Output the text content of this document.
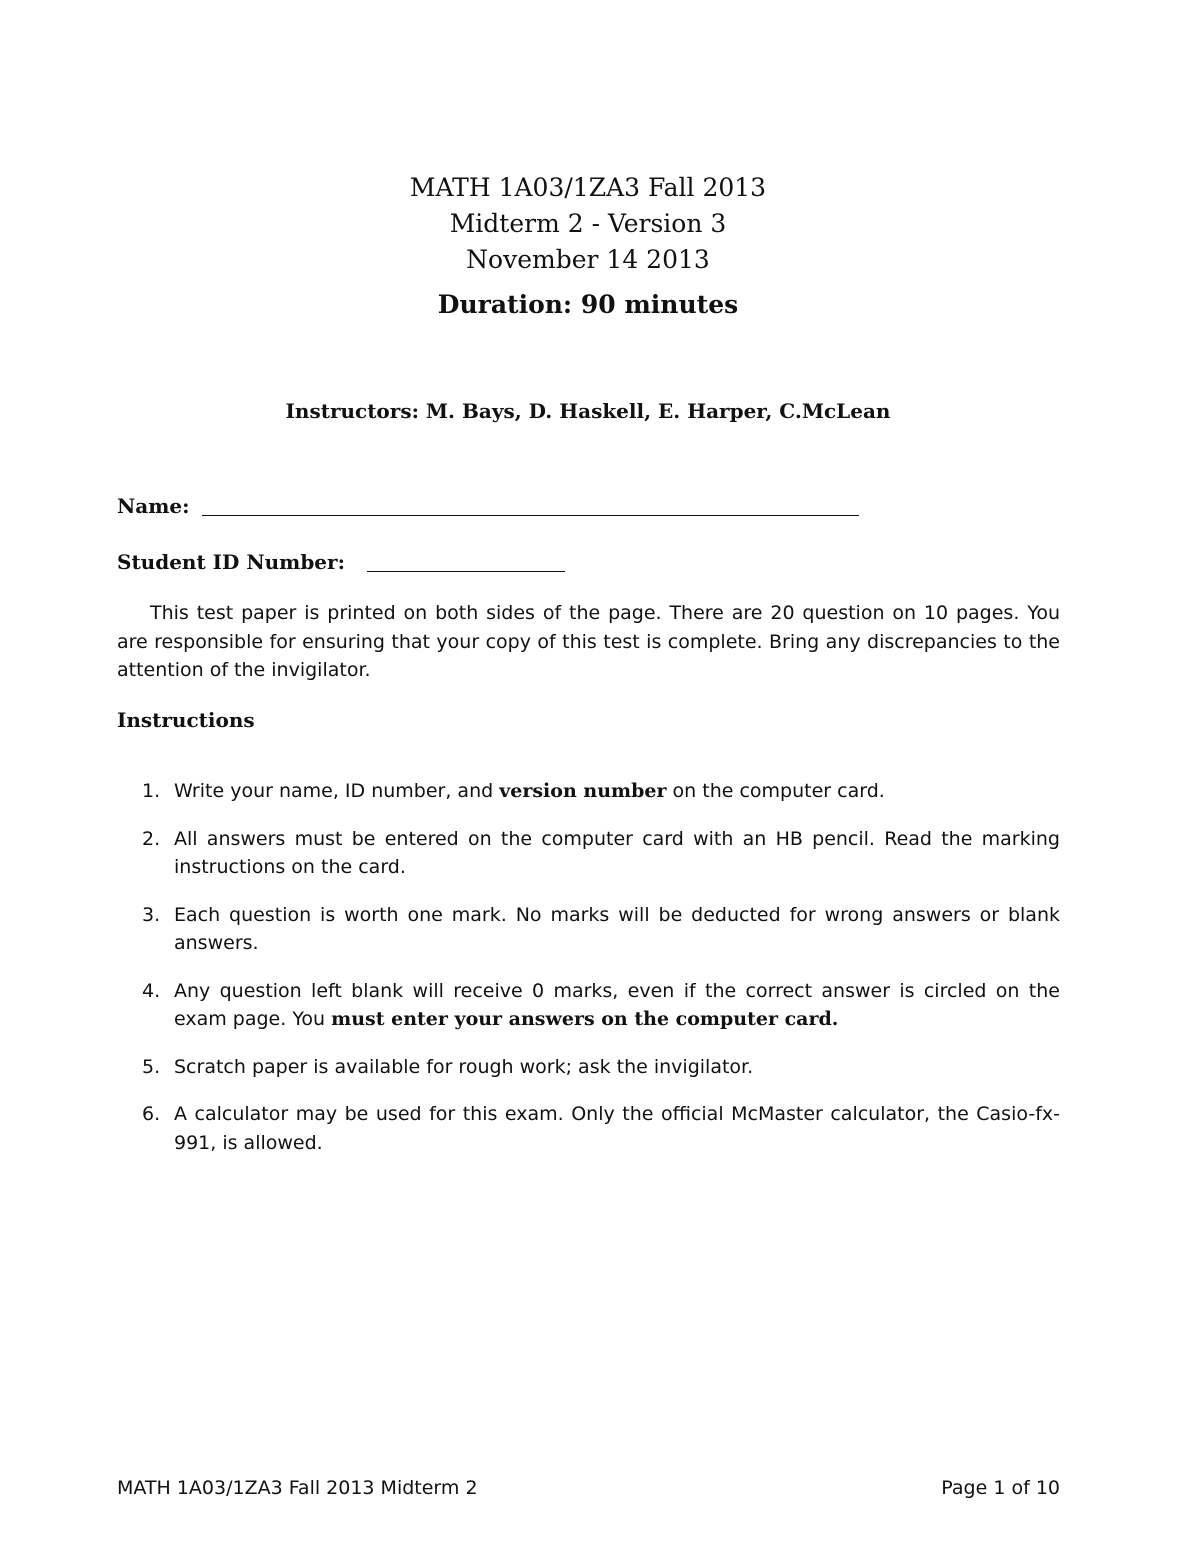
MATH 1A03/1ZA3 Fall 2013
Midterm 2 - Version 3
November 14 2013
Duration: 90 minutes
Instructors: M. Bays, D. Haskell, E. Harper, C.McLean
Name:
Student ID Number:
This test paper is printed on both sides of the page. There are 20 question on 10 pages. You are responsible for ensuring that your copy of this test is complete. Bring any discrepancies to the attention of the invigilator.
Instructions
1. Write your name, ID number, and version number on the computer card.
2. All answers must be entered on the computer card with an HB pencil. Read the marking instructions on the card.
3. Each question is worth one mark. No marks will be deducted for wrong answers or blank answers.
4. Any question left blank will receive 0 marks, even if the correct answer is circled on the exam page. You must enter your answers on the computer card.
5. Scratch paper is available for rough work; ask the invigilator.
6. A calculator may be used for this exam. Only the official McMaster calculator, the Casio-fx-991, is allowed.
MATH 1A03/1ZA3 Fall 2013 Midterm 2	Page 1 of 10
